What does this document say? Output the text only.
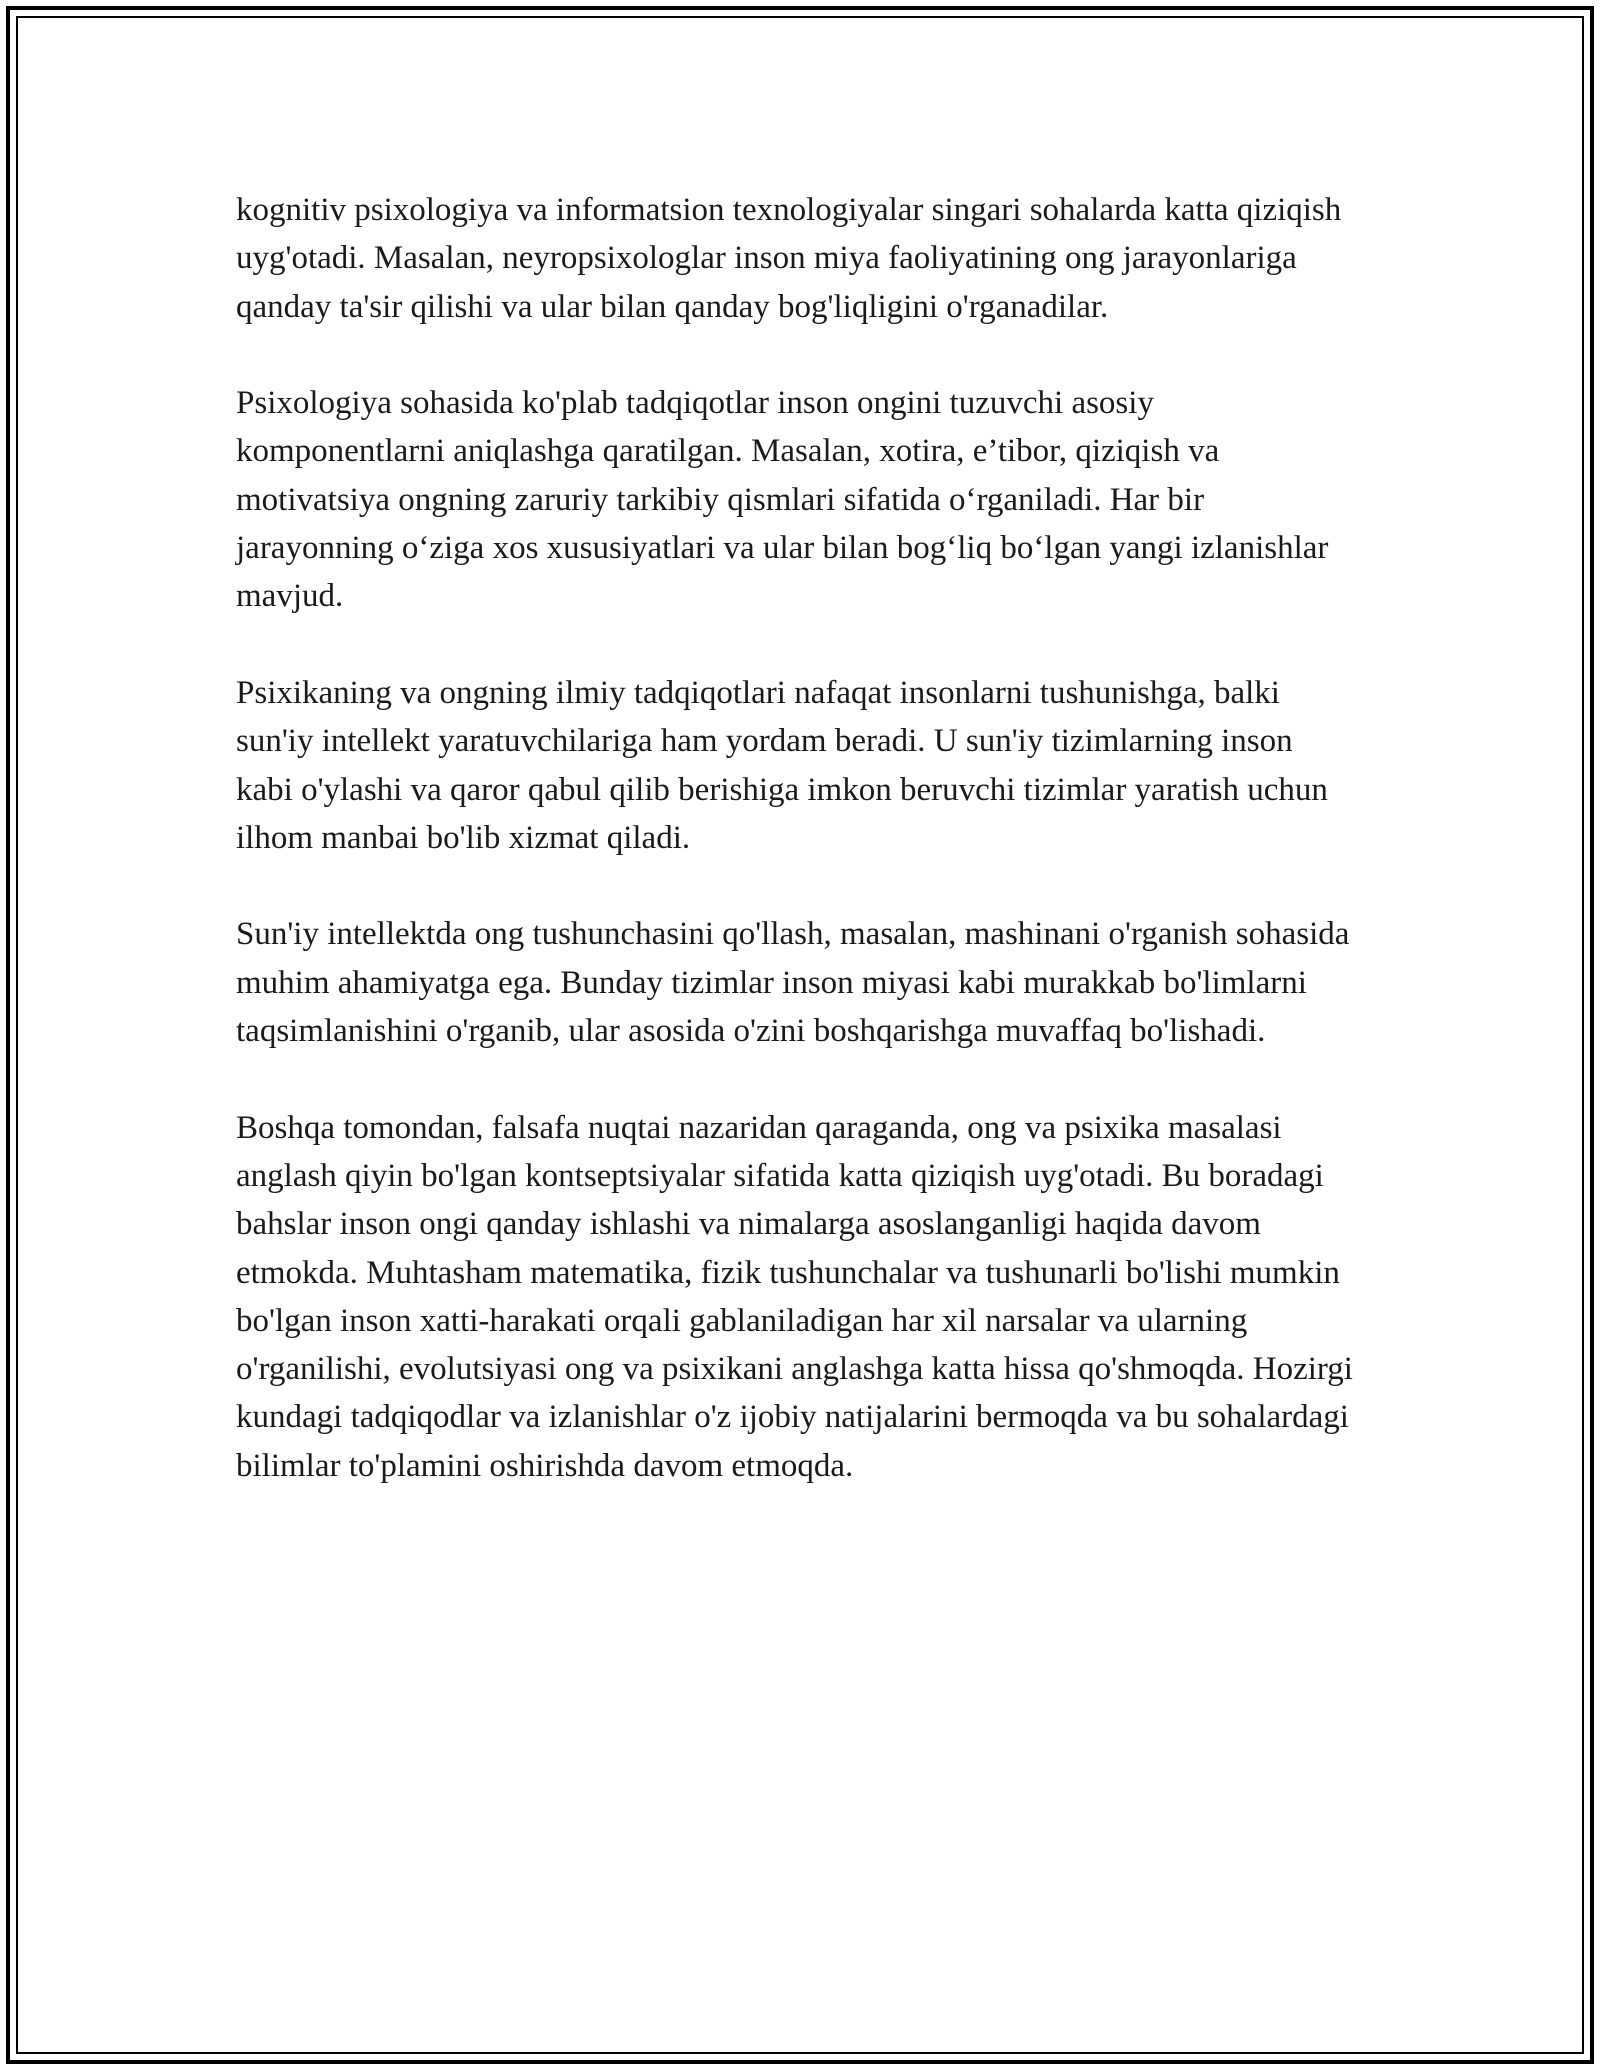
kognitiv psixologiya va informatsion texnologiyalar singari sohalarda katta qiziqish uyg'otadi. Masalan, neyropsixologlar inson miya faoliyatining ong jarayonlariga qanday ta'sir qilishi va ular bilan qanday bog'liqligini o'rganadilar.

Psixologiya sohasida ko'plab tadqiqotlar inson ongini tuzuvchi asosiy komponentlarni aniqlashga qaratilgan. Masalan, xotira, e’tibor, qiziqish va motivatsiya ongning zaruriy tarkibiy qismlari sifatida o‘rganiladi. Har bir jarayonning o‘ziga xos xususiyatlari va ular bilan bog‘liq bo‘lgan yangi izlanishlar mavjud.

Psixikaning va ongning ilmiy tadqiqotlari nafaqat insonlarni tushunishga, balki sun'iy intellekt yaratuvchilariga ham yordam beradi. U sun'iy tizimlarning inson kabi o'ylashi va qaror qabul qilib berishiga imkon beruvchi tizimlar yaratish uchun ilhom manbai bo'lib xizmat qiladi.

Sun'iy intellektda ong tushunchasini qo'llash, masalan, mashinani o'rganish sohasida muhim ahamiyatga ega. Bunday tizimlar inson miyasi kabi murakkab bo'limlarni taqsimlanishini o'rganib, ular asosida o'zini boshqarishga muvaffaq bo'lishadi.

Boshqa tomondan, falsafa nuqtai nazaridan qaraganda, ong va psixika masalasi anglash qiyin bo'lgan kontseptsiyalar sifatida katta qiziqish uyg'otadi. Bu boradagi bahslar inson ongi qanday ishlashi va nimalarga asoslanganligi haqida davom etmokda. Muhtasham matematika, fizik tushunchalar va tushunarli bo'lishi mumkin bo'lgan inson xatti-harakati orqali gablaniladigan har xil narsalar va ularning o'rganilishi, evolutsiyasi ong va psixikani anglashga katta hissa qo'shmoqda. Hozirgi kundagi tadqiqodlar va izlanishlar o'z ijobiy natijalarini bermoqda va bu sohalardagi bilimlar to'plamini oshirishda davom etmoqda.
